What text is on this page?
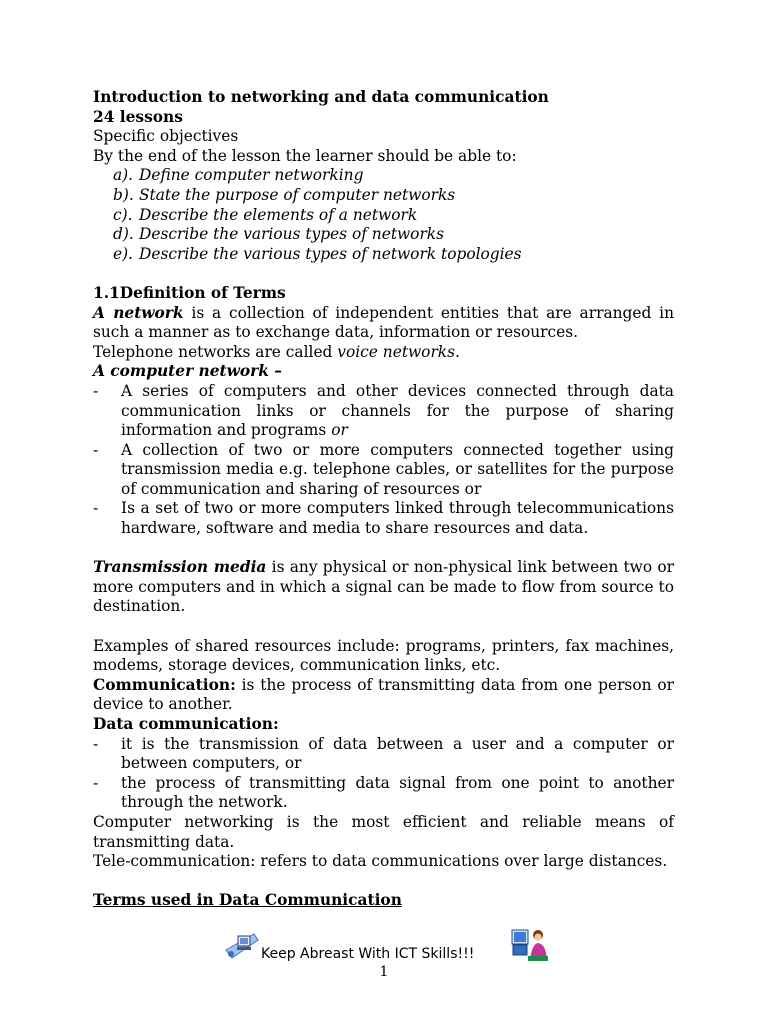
Introduction to networking and data communication

24 lessons

Specific objectives

By the end of the lesson the learner should be able to:

a). Define computer networking
b). State the purpose of computer networks
c). Describe the elements of a network
d). Describe the various types of networks
e). Describe the various types of network topologies

1.1Definition of Terms

A network is a collection of independent entities that are arranged in such a manner as to exchange data, information or resources.

Telephone networks are called voice networks.

A computer network –

-	A series of computers and other devices connected through data communication links or channels for the purpose of sharing information and programs or
-	A collection of two or more computers connected together using transmission media e.g. telephone cables, or satellites for the purpose of communication and sharing of resources or
-	Is a set of two or more computers linked through telecommunications hardware, software and media to share resources and data.

Transmission media is any physical or non-physical link between two or more computers and in which a signal can be made to flow from source to destination.

Examples of shared resources include: programs, printers, fax machines, modems, storage devices, communication links, etc.

Communication: is the process of transmitting data from one person or device to another.

Data communication:

-	it is the transmission of data between a user and a computer or between computers, or
-	the process of transmitting data signal from one point to another through the network.

Computer networking is the most efficient and reliable means of transmitting data.

Tele-communication: refers to data communications over large distances.

Terms used in Data Communication

Keep Abreast With ICT Skills!!!
1
